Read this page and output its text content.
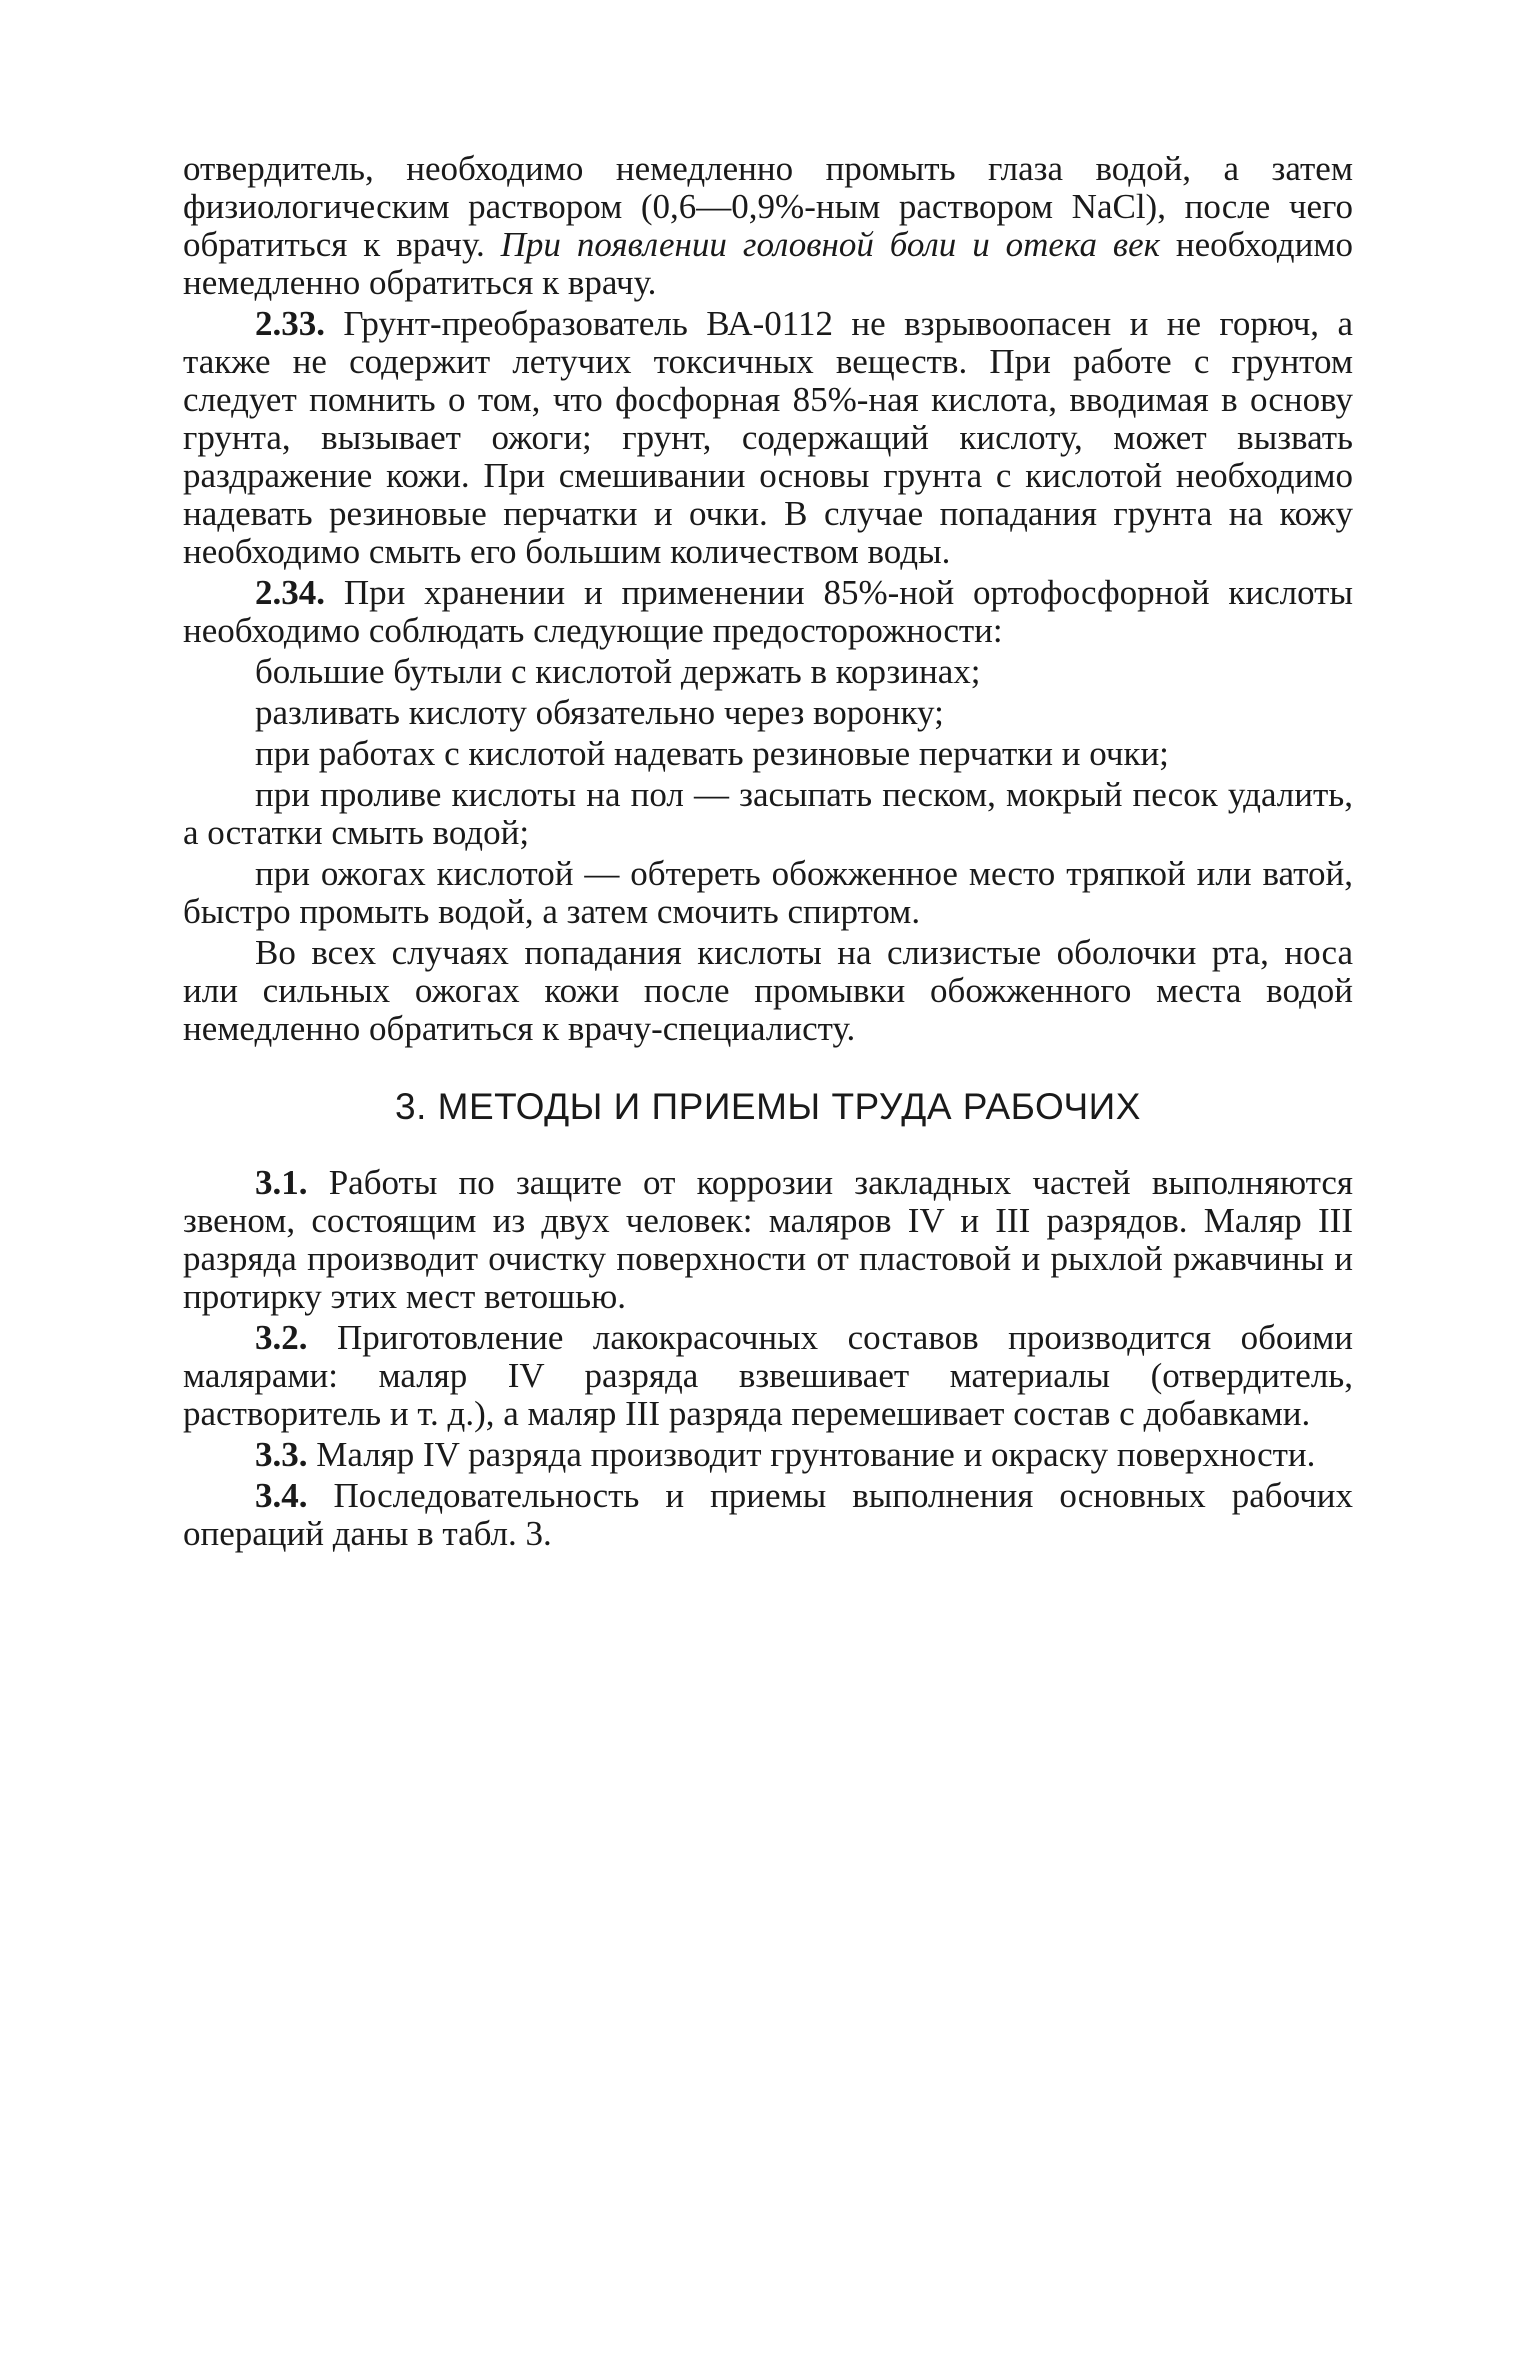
отвердитель, необходимо немедленно промыть глаза водой, а затем физиологическим раствором (0,6—0,9%-ным раствором NaCl), после чего обратиться к врачу. При появлении головной боли и отека век необходимо немедленно обратиться к врачу.

2.33. Грунт-преобразователь ВА-0112 не взрывоопасен и не горюч, а также не содержит летучих токсичных веществ. При работе с грунтом следует помнить о том, что фосфорная 85%-ная кислота, вводимая в основу грунта, вызывает ожоги; грунт, содержащий кислоту, может вызвать раздражение кожи. При смешивании основы грунта с кислотой необходимо надевать резиновые перчатки и очки. В случае попадания грунта на кожу необходимо смыть его большим количеством воды.

2.34. При хранении и применении 85%-ной ортофосфорной кислоты необходимо соблюдать следующие предосторожности:

большие бутыли с кислотой держать в корзинах;

разливать кислоту обязательно через воронку;

при работах с кислотой надевать резиновые перчатки и очки;

при проливе кислоты на пол — засыпать песком, мокрый песок удалить, а остатки смыть водой;

при ожогах кислотой — обтереть обожженное место тряпкой или ватой, быстро промыть водой, а затем смочить спиртом.

Во всех случаях попадания кислоты на слизистые оболочки рта, носа или сильных ожогах кожи после промывки обожженного места водой немедленно обратиться к врачу-специалисту.

3. МЕТОДЫ И ПРИЕМЫ ТРУДА РАБОЧИХ

3.1. Работы по защите от коррозии закладных частей выполняются звеном, состоящим из двух человек: маляров IV и III разрядов. Маляр III разряда производит очистку поверхности от пластовой и рыхлой ржавчины и протирку этих мест ветошью.

3.2. Приготовление лакокрасочных составов производится обоими малярами: маляр IV разряда взвешивает материалы (отвердитель, растворитель и т. д.), а маляр III разряда перемешивает состав с добавками.

3.3. Маляр IV разряда производит грунтование и окраску поверхности.

3.4. Последовательность и приемы выполнения основных рабочих операций даны в табл. 3.
